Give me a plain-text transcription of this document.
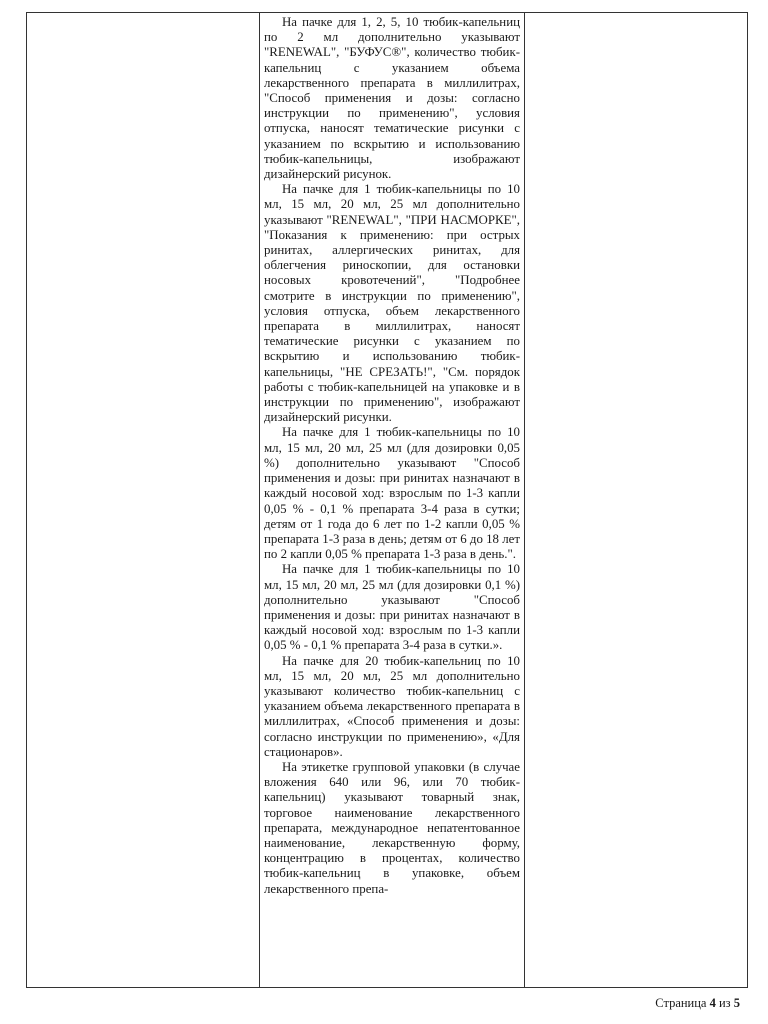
На пачке для 1, 2, 5, 10 тюбик-капельниц по 2 мл дополнительно указывают "RENEWAL", "БУФУС®", количество тюбик-капельниц с указанием объема лекарственного препарата в миллилитрах, "Способ применения и дозы: согласно инструкции по применению", условия отпуска, наносят тематические рисунки с указанием по вскрытию и использованию тюбик-капельницы, изображают дизайнерский рисунок.

На пачке для 1 тюбик-капельницы по 10 мл, 15 мл, 20 мл, 25 мл дополнительно указывают "RENEWAL", "ПРИ НАСМОРКЕ", "Показания к применению: при острых ринитах, аллергических ринитах, для облегчения риноскопии, для остановки носовых кровотечений", "Подробнее смотрите в инструкции по применению", условия отпуска, объем лекарственного препарата в миллилитрах, наносят тематические рисунки с указанием по вскрытию и использованию тюбик-капельницы, "НЕ СРЕЗАТЬ!", "См. порядок работы с тюбик-капельницей на упаковке и в инструкции по применению", изображают дизайнерский рисунки.

На пачке для 1 тюбик-капельницы по 10 мл, 15 мл, 20 мл, 25 мл (для дозировки 0,05 %) дополнительно указывают "Способ применения и дозы: при ринитах назначают в каждый носовой ход: взрослым по 1-3 капли 0,05 % - 0,1 % препарата 3-4 раза в сутки; детям от 1 года до 6 лет по 1-2 капли 0,05 % препарата 1-3 раза в день; детям от 6 до 18 лет по 2 капли 0,05 % препарата 1-3 раза в день.".

На пачке для 1 тюбик-капельницы по 10 мл, 15 мл, 20 мл, 25 мл (для дозировки 0,1 %) дополнительно указывают "Способ применения и дозы: при ринитах назначают в каждый носовой ход: взрослым по 1-3 капли 0,05 % - 0,1 % препарата 3-4 раза в сутки.».

На пачке для 20 тюбик-капельниц по 10 мл, 15 мл, 20 мл, 25 мл дополнительно указывают количество тюбик-капельниц с указанием объема лекарственного препарата в миллилитрах, «Способ применения и дозы: согласно инструкции по применению», «Для стационаров».

На этикетке групповой упаковки (в случае вложения 640 или 96, или 70 тюбик-капельниц) указывают товарный знак, торговое наименование лекарственного препарата, международное непатентованное наименование, лекарственную форму, концентрацию в процентах, количество тюбик-капельниц в упаковке, объем лекарственного препа-

Страница 4 из 5
